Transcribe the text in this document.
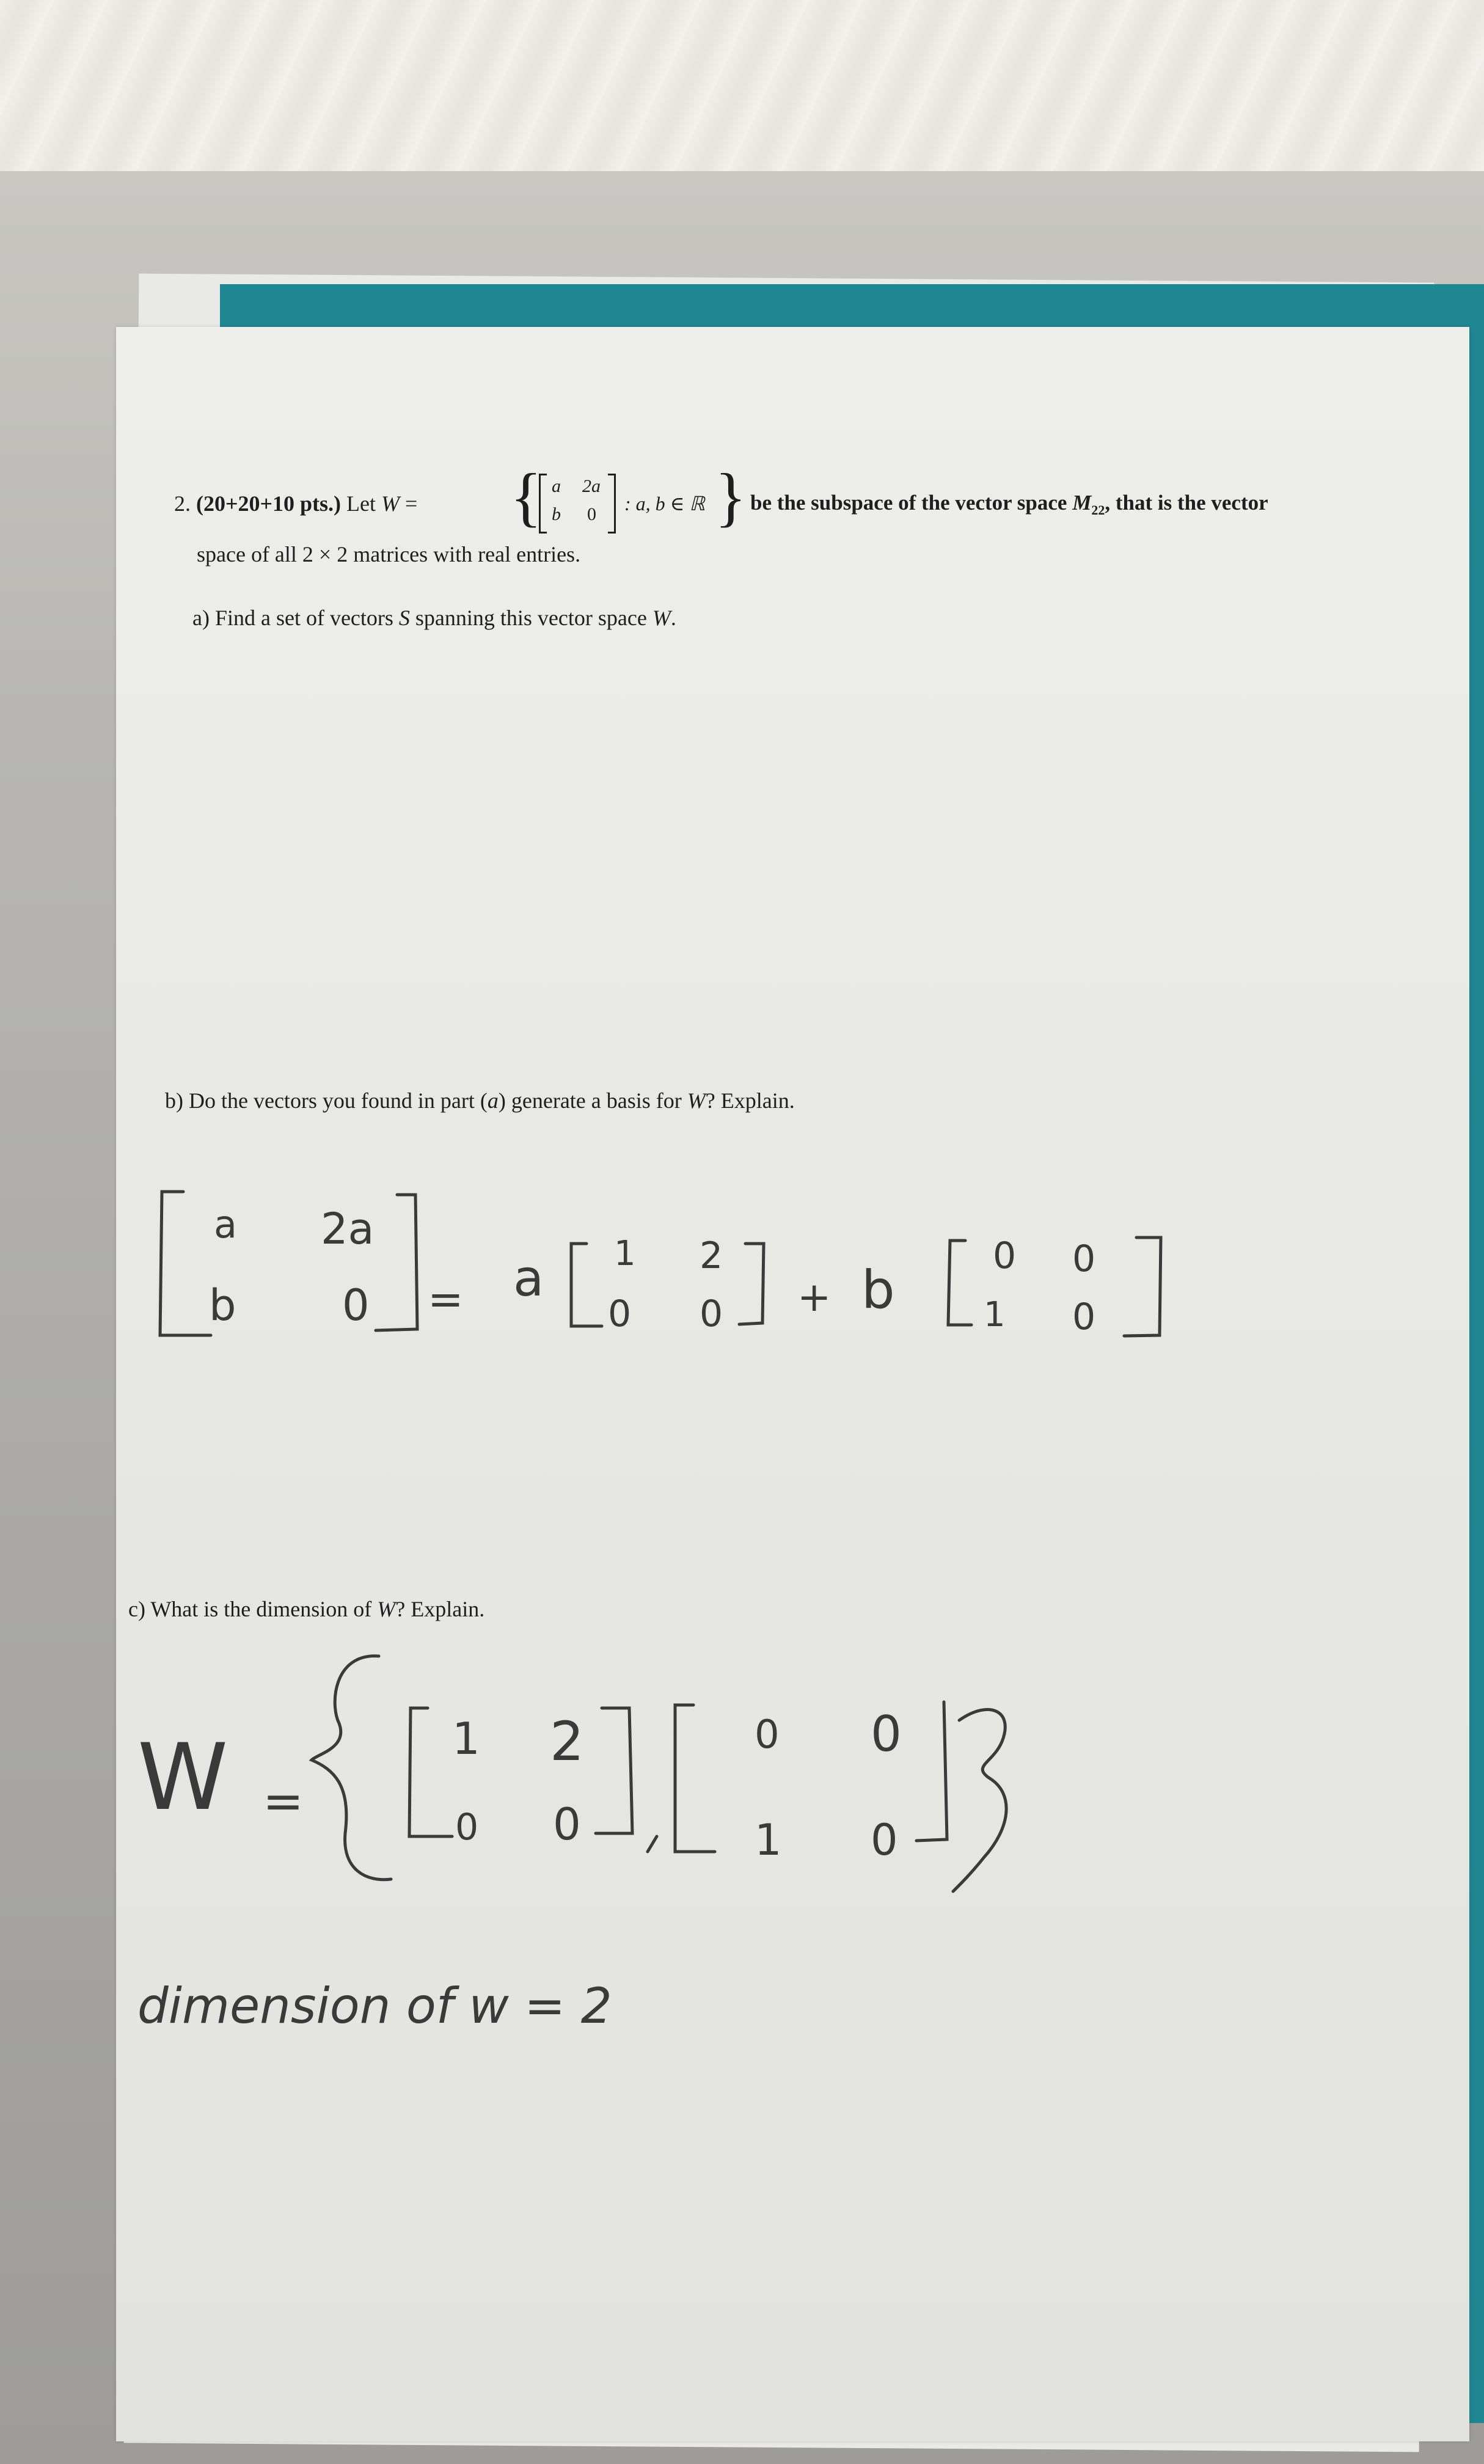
2. (20+20+10 pts.) Let W = { a 2a
b 0 : a, b ∈ ℝ } be the subspace of the vector space $M_{22}$, that is the vector
space of all 2 × 2 matrices with real entries.
a) Find a set of vectors S spanning this vector space W.
b) Do the vectors you found in part (a) generate a basis for W? Explain.
a 2a
b 0 = a 1 2
0 0 + b
0 0
1 0
c) What is the dimension of W? Explain.
W =
1 2
0 0
0 0
1 0
dimension of w = 2
